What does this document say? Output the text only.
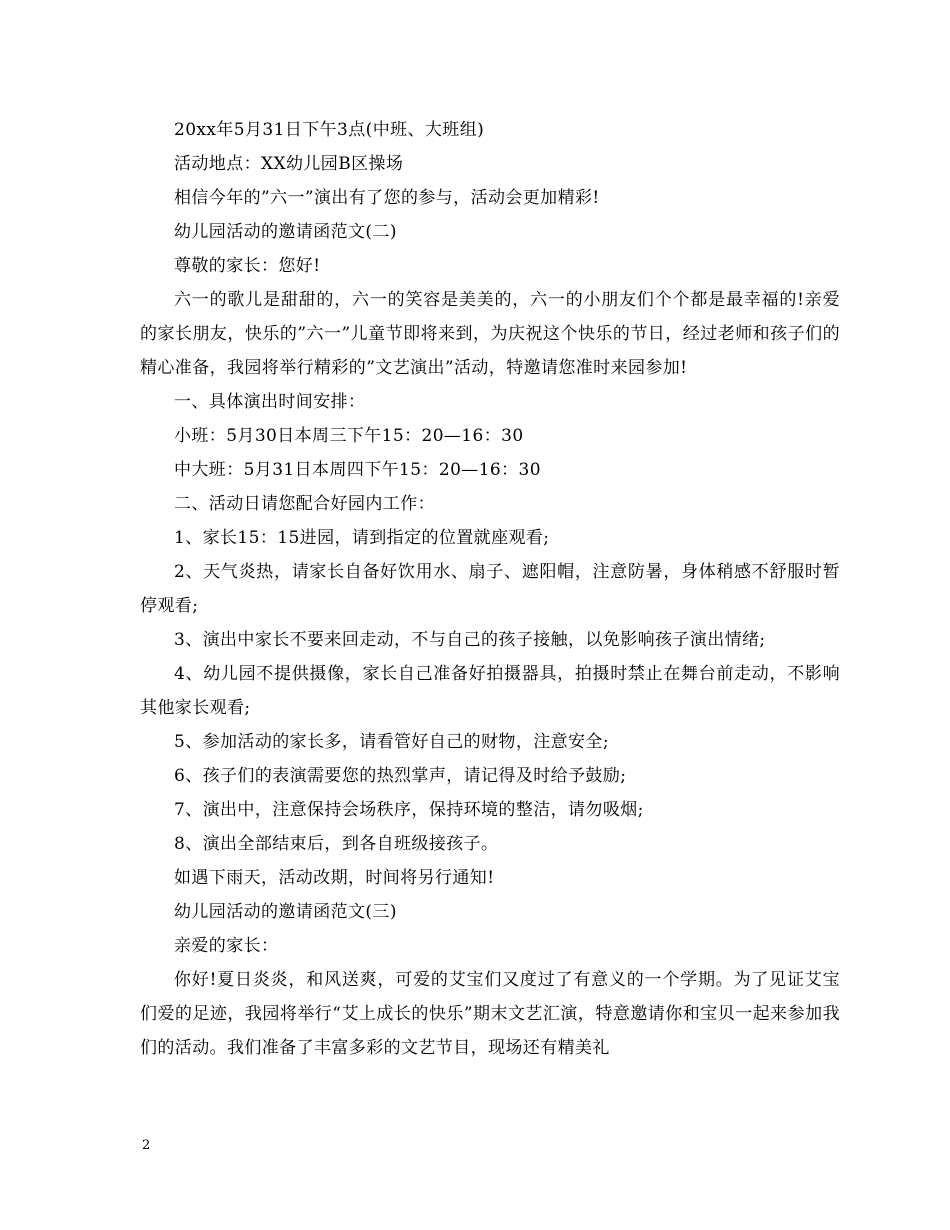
20xx年5月31日下午3点(中班、大班组)

活动地点：XX幼儿园B区操场

相信今年的”六一”演出有了您的参与，活动会更加精彩!

幼儿园活动的邀请函范文(二)

尊敬的家长：您好!

六一的歌儿是甜甜的，六一的笑容是美美的，六一的小朋友们个个都是最幸福的!亲爱的家长朋友，快乐的”六一”儿童节即将来到，为庆祝这个快乐的节日，经过老师和孩子们的精心准备，我园将举行精彩的”文艺演出”活动，特邀请您准时来园参加!

一、具体演出时间安排：

小班：5月30日本周三下午15：20—16：30

中大班：5月31日本周四下午15：20—16：30

二、活动日请您配合好园内工作：

1、家长15：15进园，请到指定的位置就座观看;

2、天气炎热，请家长自备好饮用水、扇子、遮阳帽，注意防暑，身体稍感不舒服时暂停观看;

3、演出中家长不要来回走动，不与自己的孩子接触，以免影响孩子演出情绪;

4、幼儿园不提供摄像，家长自己准备好拍摄器具，拍摄时禁止在舞台前走动，不影响其他家长观看;

5、参加活动的家长多，请看管好自己的财物，注意安全;

6、孩子们的表演需要您的热烈掌声，请记得及时给予鼓励;

7、演出中，注意保持会场秩序，保持环境的整洁，请勿吸烟;

8、演出全部结束后，到各自班级接孩子。

如遇下雨天，活动改期，时间将另行通知!

幼儿园活动的邀请函范文(三)

亲爱的家长：

你好!夏日炎炎，和风送爽，可爱的艾宝们又度过了有意义的一个学期。为了见证艾宝们爱的足迹，我园将举行“艾上成长的快乐”期末文艺汇演，特意邀请你和宝贝一起来参加我们的活动。我们准备了丰富多彩的文艺节目，现场还有精美礼

2
